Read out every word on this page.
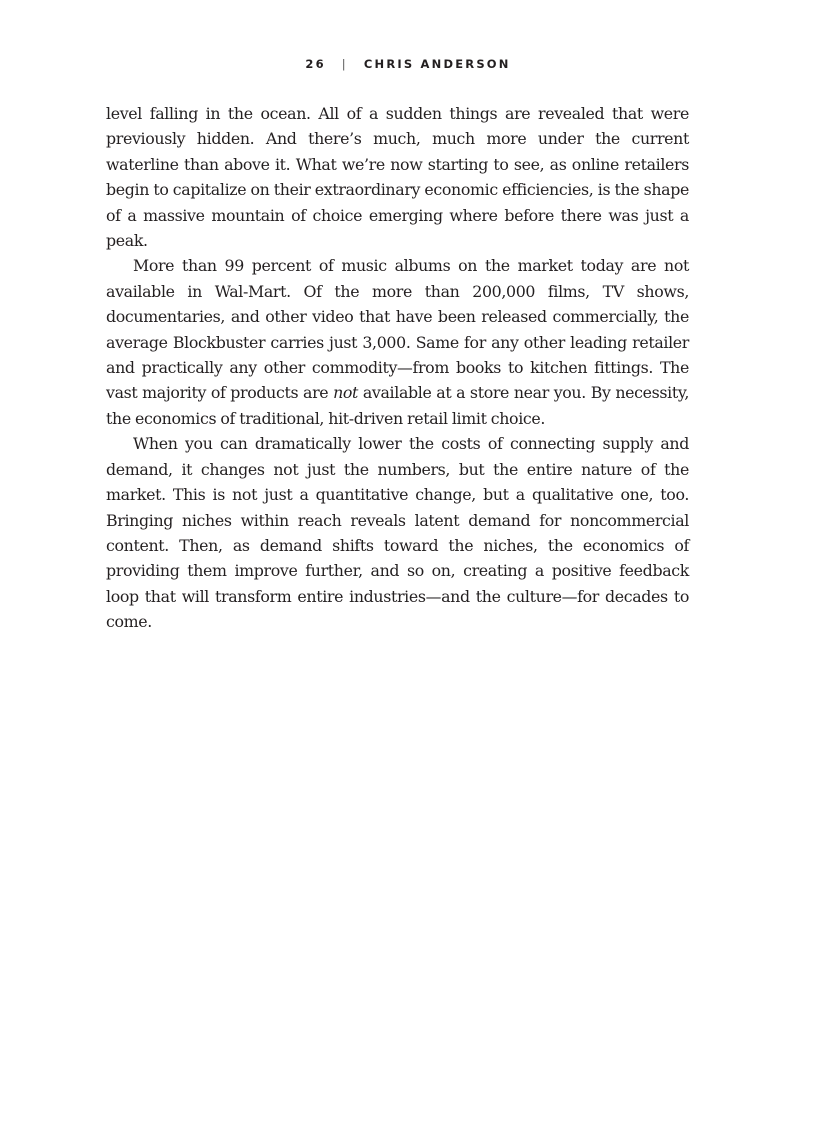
26 | CHRIS ANDERSON

level falling in the ocean. All of a sudden things are revealed that were previously hidden. And there’s much, much more under the current waterline than above it. What we’re now starting to see, as online retailers begin to capitalize on their extraordinary economic efficiencies, is the shape of a massive mountain of choice emerging where before there was just a peak.

More than 99 percent of music albums on the market today are not available in Wal-Mart. Of the more than 200,000 films, TV shows, documentaries, and other video that have been released commercially, the average Blockbuster carries just 3,000. Same for any other leading retailer and practically any other commodity—from books to kitchen fittings. The vast majority of products are not available at a store near you. By necessity, the economics of traditional, hit-driven retail limit choice.

When you can dramatically lower the costs of connecting supply and demand, it changes not just the numbers, but the entire nature of the market. This is not just a quantitative change, but a qualitative one, too. Bringing niches within reach reveals latent demand for noncommercial content. Then, as demand shifts toward the niches, the economics of providing them improve further, and so on, creating a positive feedback loop that will transform entire industries—and the culture—for decades to come.
